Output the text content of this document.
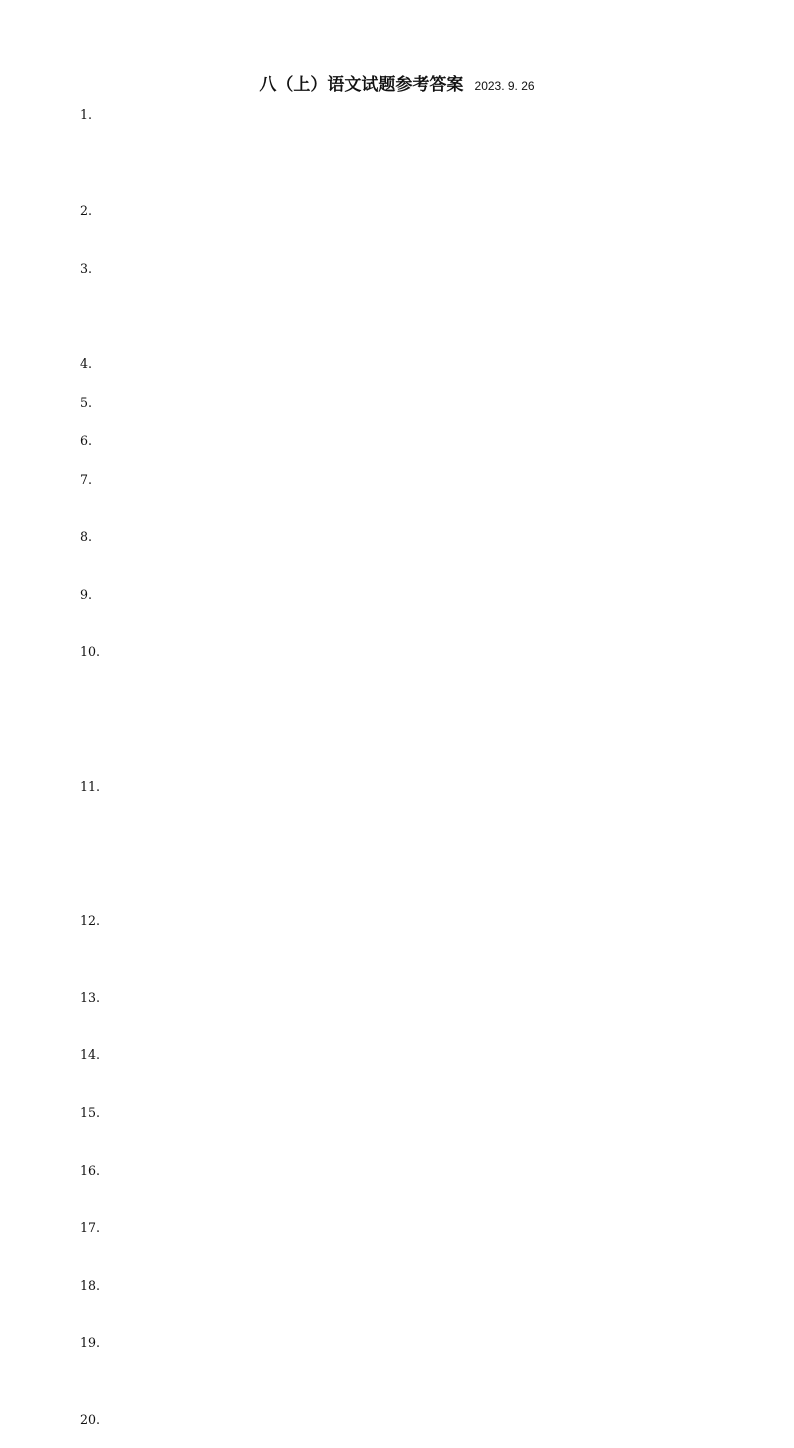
八（上）语文试题参考答案 2023. 9. 26
1.
2.
3.
4.
5.
6.
7.
8.
9.
10.
11.
12.
13.
14.
15.
16.
17.
18.
19.
20.
